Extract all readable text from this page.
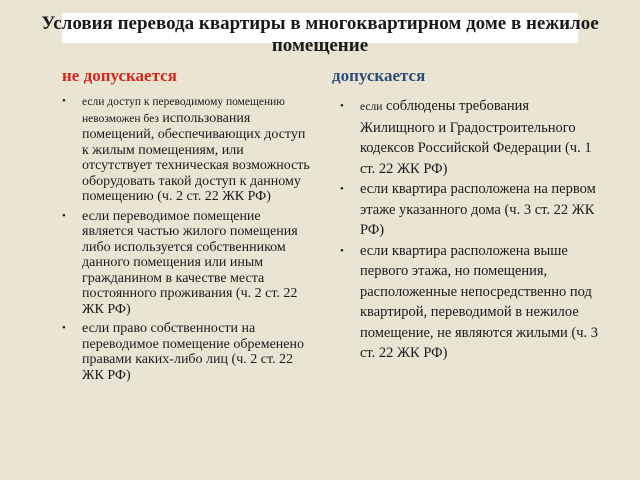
Условия перевода квартиры в многоквартирном доме в нежилое помещение
не допускается	допускается
• если доступ к переводимому помещению невозможен без использования помещений, обеспечивающих доступ к жилым помещениям, или отсутствует техническая возможность оборудовать такой доступ к данному помещению (ч. 2 ст. 22 ЖК РФ)
• если переводимое помещение является частью жилого помещения либо используется собственником данного помещения или иным гражданином в качестве места постоянного проживания (ч. 2 ст. 22 ЖК РФ)
• если право собственности на переводимое помещение обременено правами каких-либо лиц (ч. 2 ст. 22 ЖК РФ)
• если соблюдены требования Жилищного и Градостроительного кодексов Российской Федерации (ч. 1 ст. 22 ЖК РФ)
• если квартира расположена на первом этаже указанного дома (ч. 3 ст. 22 ЖК РФ)
• если квартира расположена выше первого этажа, но помещения, расположенные непосредственно под квартирой, переводимой в нежилое помещение, не являются жилыми (ч. 3 ст. 22 ЖК РФ)
